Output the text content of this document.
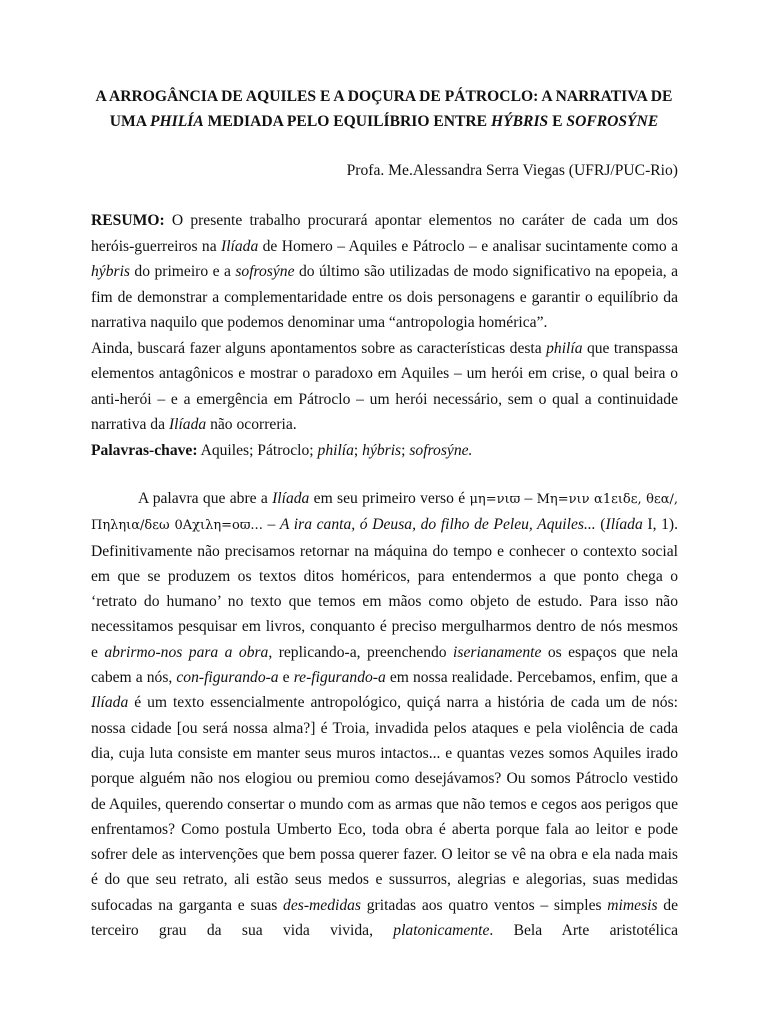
A ARROGÂNCIA DE AQUILES E A DOÇURA DE PÁTROCLO: A NARRATIVA DE
UMA PHILÍA MEDIADA PELO EQUILÍBRIO ENTRE HÝBRIS E SOFROSÝNE
Profa. Me.Alessandra Serra Viegas (UFRJ/PUC-Rio)

RESUMO: O presente trabalho procurará apontar elementos no caráter de cada um dos heróis-guerreiros na Ilíada de Homero – Aquiles e Pátroclo – e analisar sucintamente como a hýbris do primeiro e a sofrosýne do último são utilizadas de modo significativo na epopeia, a fim de demonstrar a complementaridade entre os dois personagens e garantir o equilíbrio da narrativa naquilo que podemos denominar uma “antropologia homérica”.

Ainda, buscará fazer alguns apontamentos sobre as características desta philía que transpassa elementos antagônicos e mostrar o paradoxo em Aquiles – um herói em crise, o qual beira o anti-herói – e a emergência em Pátroclo – um herói necessário, sem o qual a continuidade narrativa da Ilíada não ocorreria.

Palavras-chave: Aquiles; Pátroclo; philía; hýbris; sofrosýne.

A palavra que abre a Ilíada em seu primeiro verso é μη=νιϖ – Μη=νιν α1ειδε, θεα/, Πηληια/δεω 0Αχιλη=οϖ... – A ira canta, ó Deusa, do filho de Peleu, Aquiles... (Ilíada I, 1). Definitivamente não precisamos retornar na máquina do tempo e conhecer o contexto social em que se produzem os textos ditos homéricos, para entendermos a que ponto chega o ‘retrato do humano’ no texto que temos em mãos como objeto de estudo. Para isso não necessitamos pesquisar em livros, conquanto é preciso mergulharmos dentro de nós mesmos e abrirmo-nos para a obra, replicando-a, preenchendo iserianamente os espaços que nela cabem a nós, con-figurando-a e re-figurando-a em nossa realidade. Percebamos, enfim, que a Ilíada é um texto essencialmente antropológico, quiçá narra a história de cada um de nós: nossa cidade [ou será nossa alma?] é Troia, invadida pelos ataques e pela violência de cada dia, cuja luta consiste em manter seus muros intactos... e quantas vezes somos Aquiles irado porque alguém não nos elogiou ou premiou como desejávamos? Ou somos Pátroclo vestido de Aquiles, querendo consertar o mundo com as armas que não temos e cegos aos perigos que enfrentamos? Como postula Umberto Eco, toda obra é aberta porque fala ao leitor e pode sofrer dele as intervenções que bem possa querer fazer. O leitor se vê na obra e ela nada mais é do que seu retrato, ali estão seus medos e sussurros, alegrias e alegorias, suas medidas sufocadas na garganta e suas des-medidas gritadas aos quatro ventos – simples mimesis de terceiro grau da sua vida vivida, platonicamente. Bela Arte aristotélica
